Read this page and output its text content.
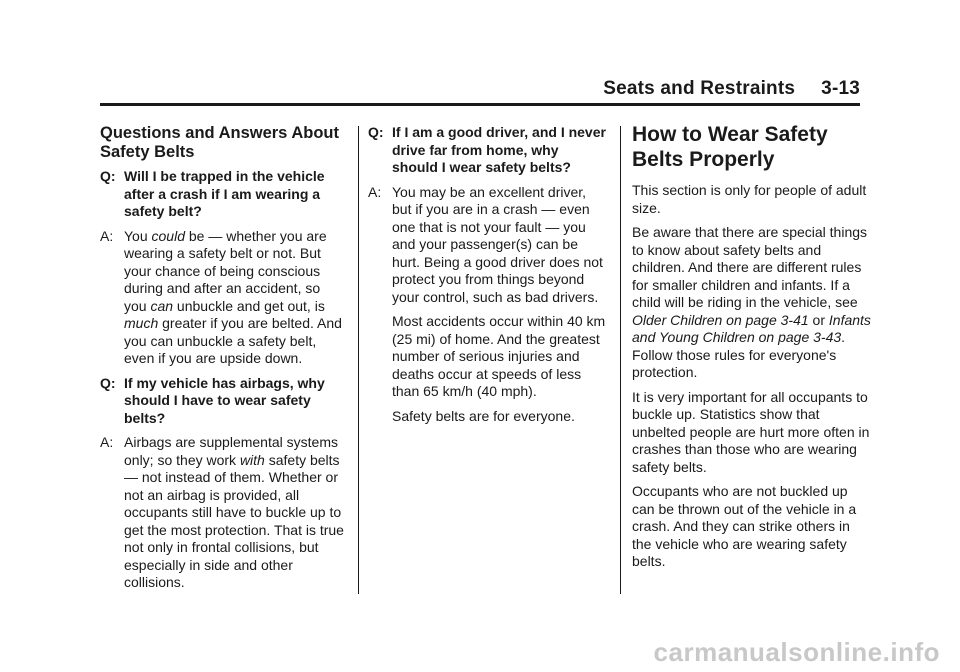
Seats and Restraints 3-13
Questions and Answers About Safety Belts
Q: Will I be trapped in the vehicle after a crash if I am wearing a safety belt?
A: You could be — whether you are wearing a safety belt or not. But your chance of being conscious during and after an accident, so you can unbuckle and get out, is much greater if you are belted. And you can unbuckle a safety belt, even if you are upside down.
Q: If my vehicle has airbags, why should I have to wear safety belts?
A: Airbags are supplemental systems only; so they work with safety belts — not instead of them. Whether or not an airbag is provided, all occupants still have to buckle up to get the most protection. That is true not only in frontal collisions, but especially in side and other collisions.
Q: If I am a good driver, and I never drive far from home, why should I wear safety belts?
A: You may be an excellent driver, but if you are in a crash — even one that is not your fault — you and your passenger(s) can be hurt. Being a good driver does not protect you from things beyond your control, such as bad drivers.

Most accidents occur within 40 km (25 mi) of home. And the greatest number of serious injuries and deaths occur at speeds of less than 65 km/h (40 mph).

Safety belts are for everyone.

How to Wear Safety Belts Properly

This section is only for people of adult size.

Be aware that there are special things to know about safety belts and children. And there are different rules for smaller children and infants. If a child will be riding in the vehicle, see Older Children on page 3-41 or Infants and Young Children on page 3-43. Follow those rules for everyone's protection.

It is very important for all occupants to buckle up. Statistics show that unbelted people are hurt more often in crashes than those who are wearing safety belts.

Occupants who are not buckled up can be thrown out of the vehicle in a crash. And they can strike others in the vehicle who are wearing safety belts.

carmanualsonline.info
